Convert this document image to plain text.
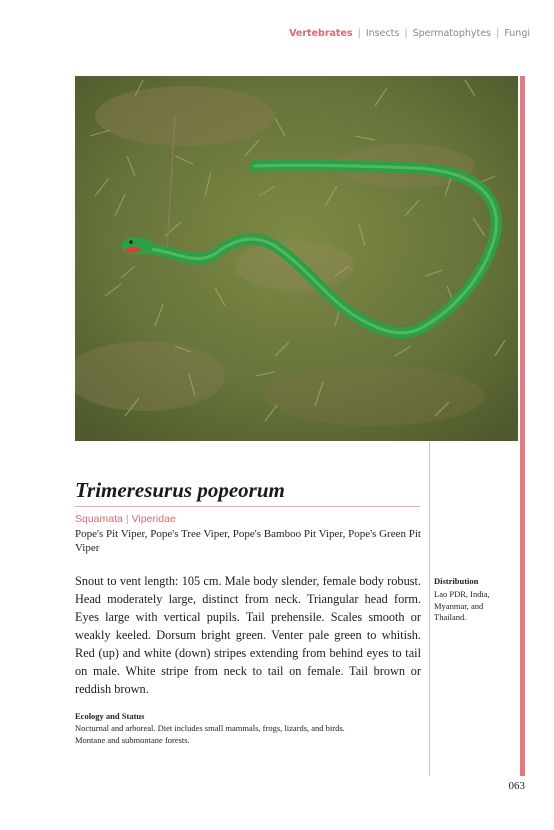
Vertebrates | Insects | Spermatophytes | Fungi
Trimeresurus popeorum
Squamata | Viperidae
Pope's Pit Viper, Pope's Tree Viper, Pope's Bamboo Pit Viper, Pope's Green Pit Viper

Snout to vent length: 105 cm. Male body slender, female body robust. Head moderately large, distinct from neck. Triangular head form. Eyes large with vertical pupils. Tail prehensile. Scales smooth or weakly keeled. Dorsum bright green. Venter pale green to whitish. Red (up) and white (down) stripes extending from behind eyes to tail on male. White stripe from neck to tail on female. Tail brown or reddish brown.

Distribution
Lao PDR, India, Myanmar, and Thailand.
Ecology and Status
Nocturnal and arboreal. Diet includes small mammals, frogs, lizards, and birds.
Montane and submontane forests.
063
